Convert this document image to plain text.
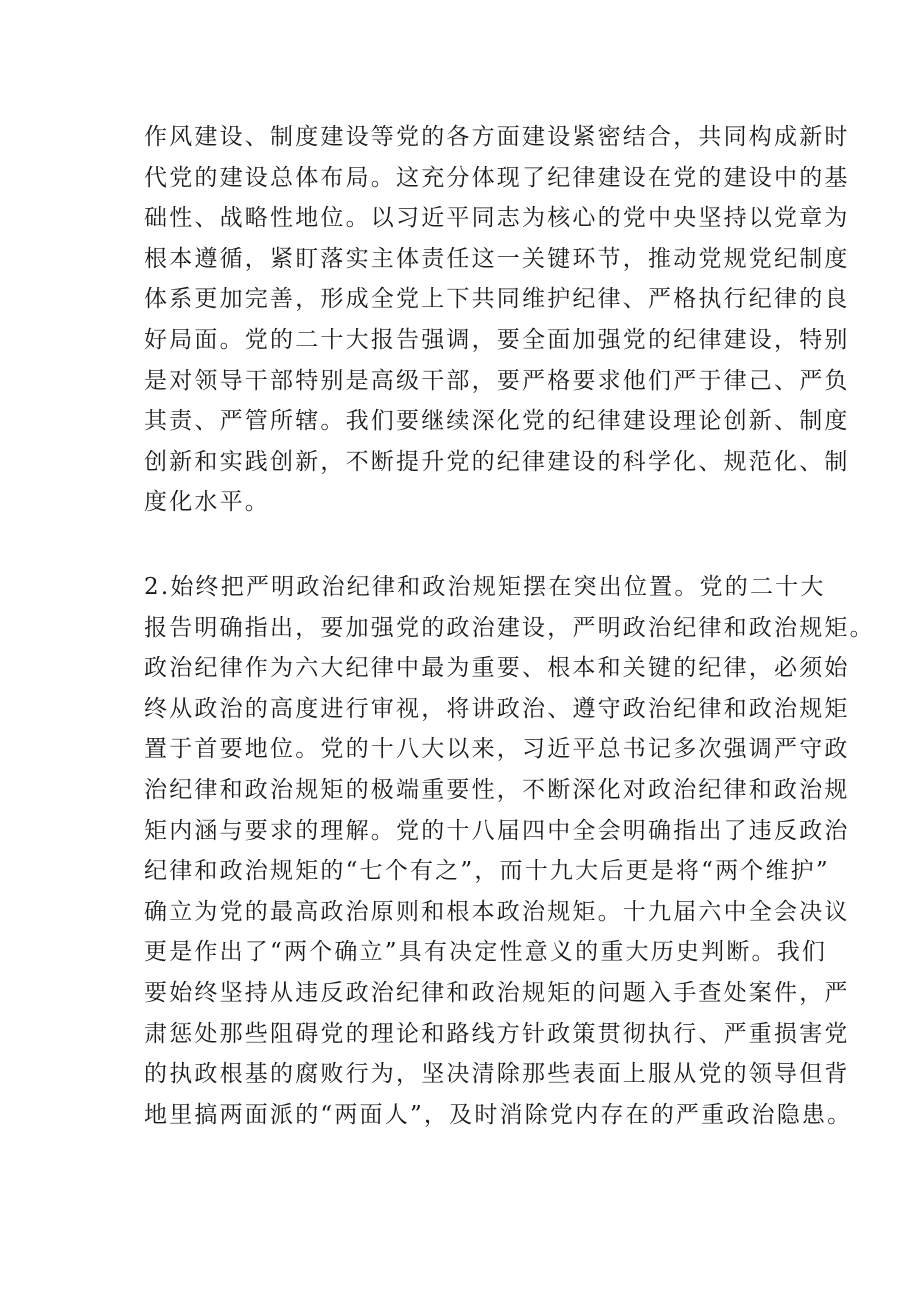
作风建设、制度建设等党的各方面建设紧密结合，共同构成新时
代党的建设总体布局。这充分体现了纪律建设在党的建设中的基
础性、战略性地位。以习近平同志为核心的党中央坚持以党章为
根本遵循，紧盯落实主体责任这一关键环节，推动党规党纪制度
体系更加完善，形成全党上下共同维护纪律、严格执行纪律的良
好局面。党的二十大报告强调，要全面加强党的纪律建设，特别
是对领导干部特别是高级干部，要严格要求他们严于律己、严负
其责、严管所辖。我们要继续深化党的纪律建设理论创新、制度
创新和实践创新，不断提升党的纪律建设的科学化、规范化、制
度化水平。

2.始终把严明政治纪律和政治规矩摆在突出位置。党的二十大
报告明确指出，要加强党的政治建设，严明政治纪律和政治规矩。
政治纪律作为六大纪律中最为重要、根本和关键的纪律，必须始
终从政治的高度进行审视，将讲政治、遵守政治纪律和政治规矩
置于首要地位。党的十八大以来，习近平总书记多次强调严守政
治纪律和政治规矩的极端重要性，不断深化对政治纪律和政治规
矩内涵与要求的理解。党的十八届四中全会明确指出了违反政治
纪律和政治规矩的“七个有之”，而十九大后更是将“两个维护”
确立为党的最高政治原则和根本政治规矩。十九届六中全会决议
更是作出了“两个确立”具有决定性意义的重大历史判断。我们
要始终坚持从违反政治纪律和政治规矩的问题入手查处案件，严
肃惩处那些阻碍党的理论和路线方针政策贯彻执行、严重损害党
的执政根基的腐败行为，坚决清除那些表面上服从党的领导但背
地里搞两面派的“两面人”，及时消除党内存在的严重政治隐患。
